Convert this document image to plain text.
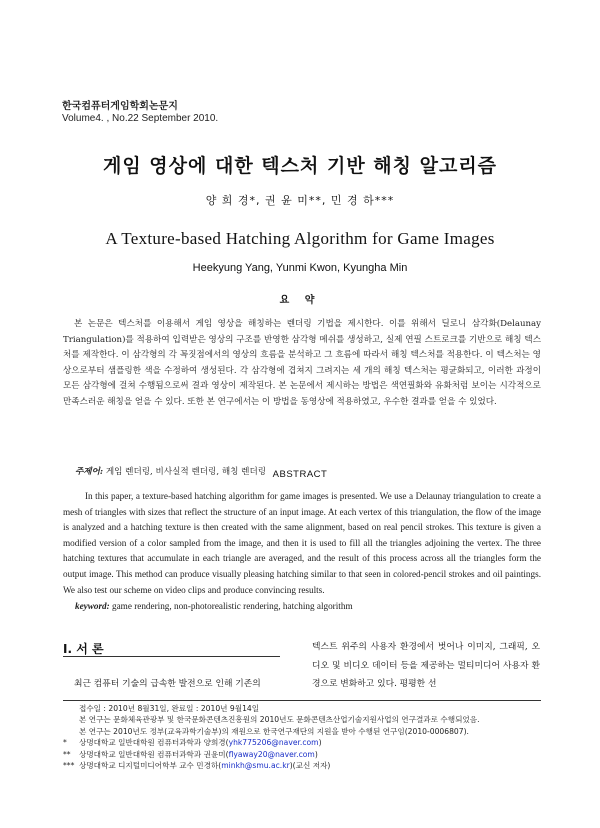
한국컴퓨터게임학회논문지
Volume4. , No.22 September 2010.
게임 영상에 대한 텍스처 기반 해칭 알고리즘
양 희 경*, 권 윤 미**, 민 경 하***
A Texture-based Hatching Algorithm for Game Images
Heekyung Yang, Yunmi Kwon, Kyungha Min
요 약
본 논문은 텍스처를 이용해서 게임 영상을 해칭하는 렌더링 기법을 제시한다. 이를 위해서 딜로니 삼각화(Delaunay Triangulation)를 적용하여 입력받은 영상의 구조를 반영한 삼각형 메쉬를 생성하고, 실제 연필 스트로크를 기반으로 해칭 텍스처를 제작한다. 이 삼각형의 각 꼭짓점에서의 영상의 흐름을 분석하고 그 흐름에 따라서 해칭 텍스처를 적용한다. 이 텍스처는 영상으로부터 샘플링한 색을 수정하여 생성된다. 각 삼각형에 겹쳐지 그려지는 세 개의 해칭 텍스처는 평균화되고, 이러한 과정이 모든 삼각형에 걸쳐 수행됨으로써 결과 영상이 제작된다. 본 논문에서 제시하는 방법은 색연필화와 유화처럼 보이는 시각적으로 만족스러운 해칭을 얻을 수 있다. 또한 본 연구에서는 이 방법을 동영상에 적용하였고, 우수한 결과를 얻을 수 있었다.
주제어: 게임 렌더링, 비사실적 렌더링, 해칭 렌더링 ABSTRACT
In this paper, a texture-based hatching algorithm for game images is presented. We use a Delaunay triangulation to create a mesh of triangles with sizes that reflect the structure of an input image. At each vertex of this triangulation, the flow of the image is analyzed and a hatching texture is then created with the same alignment, based on real pencil strokes. This texture is given a modified version of a color sampled from the image, and then it is used to fill all the triangles adjoining the vertex. The three hatching textures that accumulate in each triangle are averaged, and the result of this process across all the triangles form the output image. This method can produce visually pleasing hatching similar to that seen in colored-pencil strokes and oil paintings. We also test our scheme on video clips and produce convincing results.
keyword: game rendering, non-photorealistic rendering, hatching algorithm
Ⅰ. 서 론
최근 컴퓨터 기술의 급속한 발전으로 인해 기존의
텍스트 위주의 사용자 환경에서 벗어나 이미지, 그래픽, 오디오 및 비디오 데이터 등을 제공하는 멀티미디어 사용자 환경으로 변화하고 있다. 평평한 선
접수일 : 2010년 8월31일, 완료일 : 2010년 9월14일
본 연구는 문화체육관광부 및 한국문화콘텐츠진흥원의 2010년도 문화콘텐츠산업기술지원사업의 연구결과로 수행되었음.
본 연구는 2010년도 정부(교육과학기술부)의 재원으로 한국연구재단의 지원을 받아 수행된 연구임(2010-0006807).
* 상명대학교 일반대학원 컴퓨터과학과 양희경(yhk775206@naver.com)
** 상명대학교 일반대학원 컴퓨터과학과 권윤미(flyaway20@naver.com)
*** 상명대학교 디지털미디어학부 교수 민경하(minkh@smu.ac.kr)(교신 저자)
